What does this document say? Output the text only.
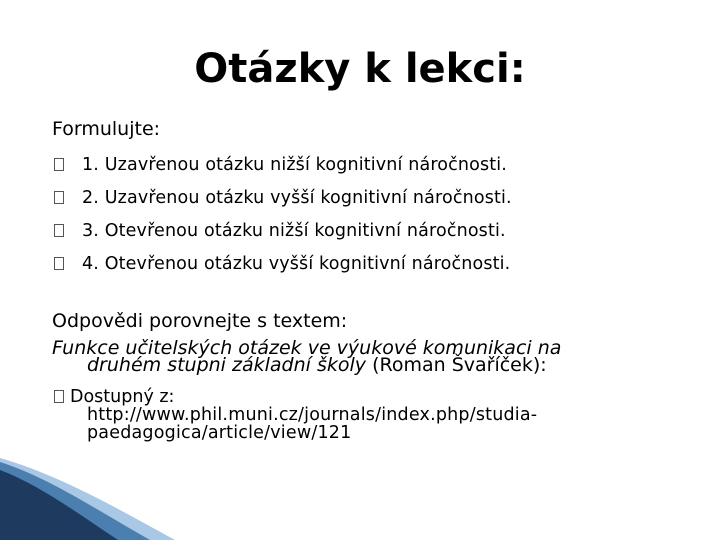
Otázky k lekci:
Formulujte:
1. Uzavřenou otázku nižší kognitivní náročnosti.
2. Uzavřenou otázku vyšší kognitivní náročnosti.
3. Otevřenou otázku nižší kognitivní náročnosti.
4. Otevřenou otázku vyšší kognitivní náročnosti.
Odpovědi porovnejte s textem:
Funkce učitelských otázek ve výukové komunikaci na
druhém stupni základní školy (Roman Švaříček):
Dostupný z:
http://www.phil.muni.cz/journals/index.php/studia-
paedagogica/article/view/121
